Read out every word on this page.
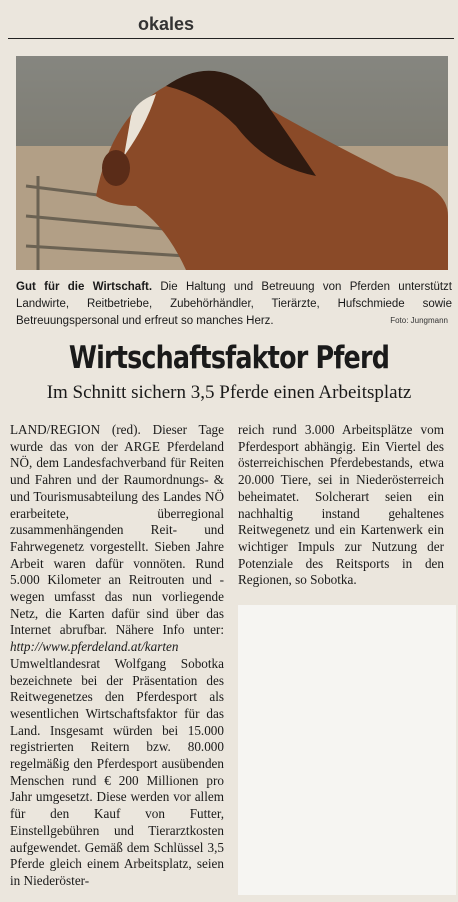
okales
Gut für die Wirtschaft. Die Haltung und Betreuung von Pferden unterstützt Landwirte, Reitbetriebe, Zubehörhändler, Tierärzte, Hufschmiede sowie Betreuungspersonal und erfreut so manches Herz.	Foto: Jungmann
Wirtschaftsfaktor Pferd
Im Schnitt sichern 3,5 Pferde einen Arbeitsplatz

LAND/REGION (red). Dieser Tage wurde das von der ARGE Pferdeland NÖ, dem Landesfachverband für Reiten und Fahren und der Raumordnungs- & und Tourismusabteilung des Landes NÖ erarbeitete, überregional zusammenhängenden Reit- und Fahrwegenetz vorgestellt. Sieben Jahre Arbeit waren dafür vonnöten. Rund 5.000 Kilometer an Reitrouten und -wegen umfasst das nun vorliegende Netz, die Karten dafür sind über das Internet abrufbar. Nähere Info unter: http://www.pferdeland.at/karten

Umweltlandesrat Wolfgang Sobotka bezeichnete bei der Präsentation des Reitwegenetzes den Pferdesport als wesentlichen Wirtschaftsfaktor für das Land. Insgesamt würden bei 15.000 registrierten Reitern bzw. 80.000 regelmäßig den Pferdesport ausübenden Menschen rund € 200 Millionen pro Jahr umgesetzt. Diese werden vor allem für den Kauf von Futter, Einstellgebühren und Tierarztkosten aufgewendet. Gemäß dem Schlüssel 3,5 Pferde gleich einem Arbeitsplatz, seien in Niederöster-

reich rund 3.000 Arbeitsplätze vom Pferdesport abhängig. Ein Viertel des österreichischen Pferdebestands, etwa 20.000 Tiere, sei in Niederösterreich beheimatet. Solcherart seien ein nachhaltig instand gehaltenes Reitwegenetz und ein Kartenwerk ein wichtiger Impuls zur Nutzung der Potenziale des Reitsports in den Regionen, so Sobotka.
